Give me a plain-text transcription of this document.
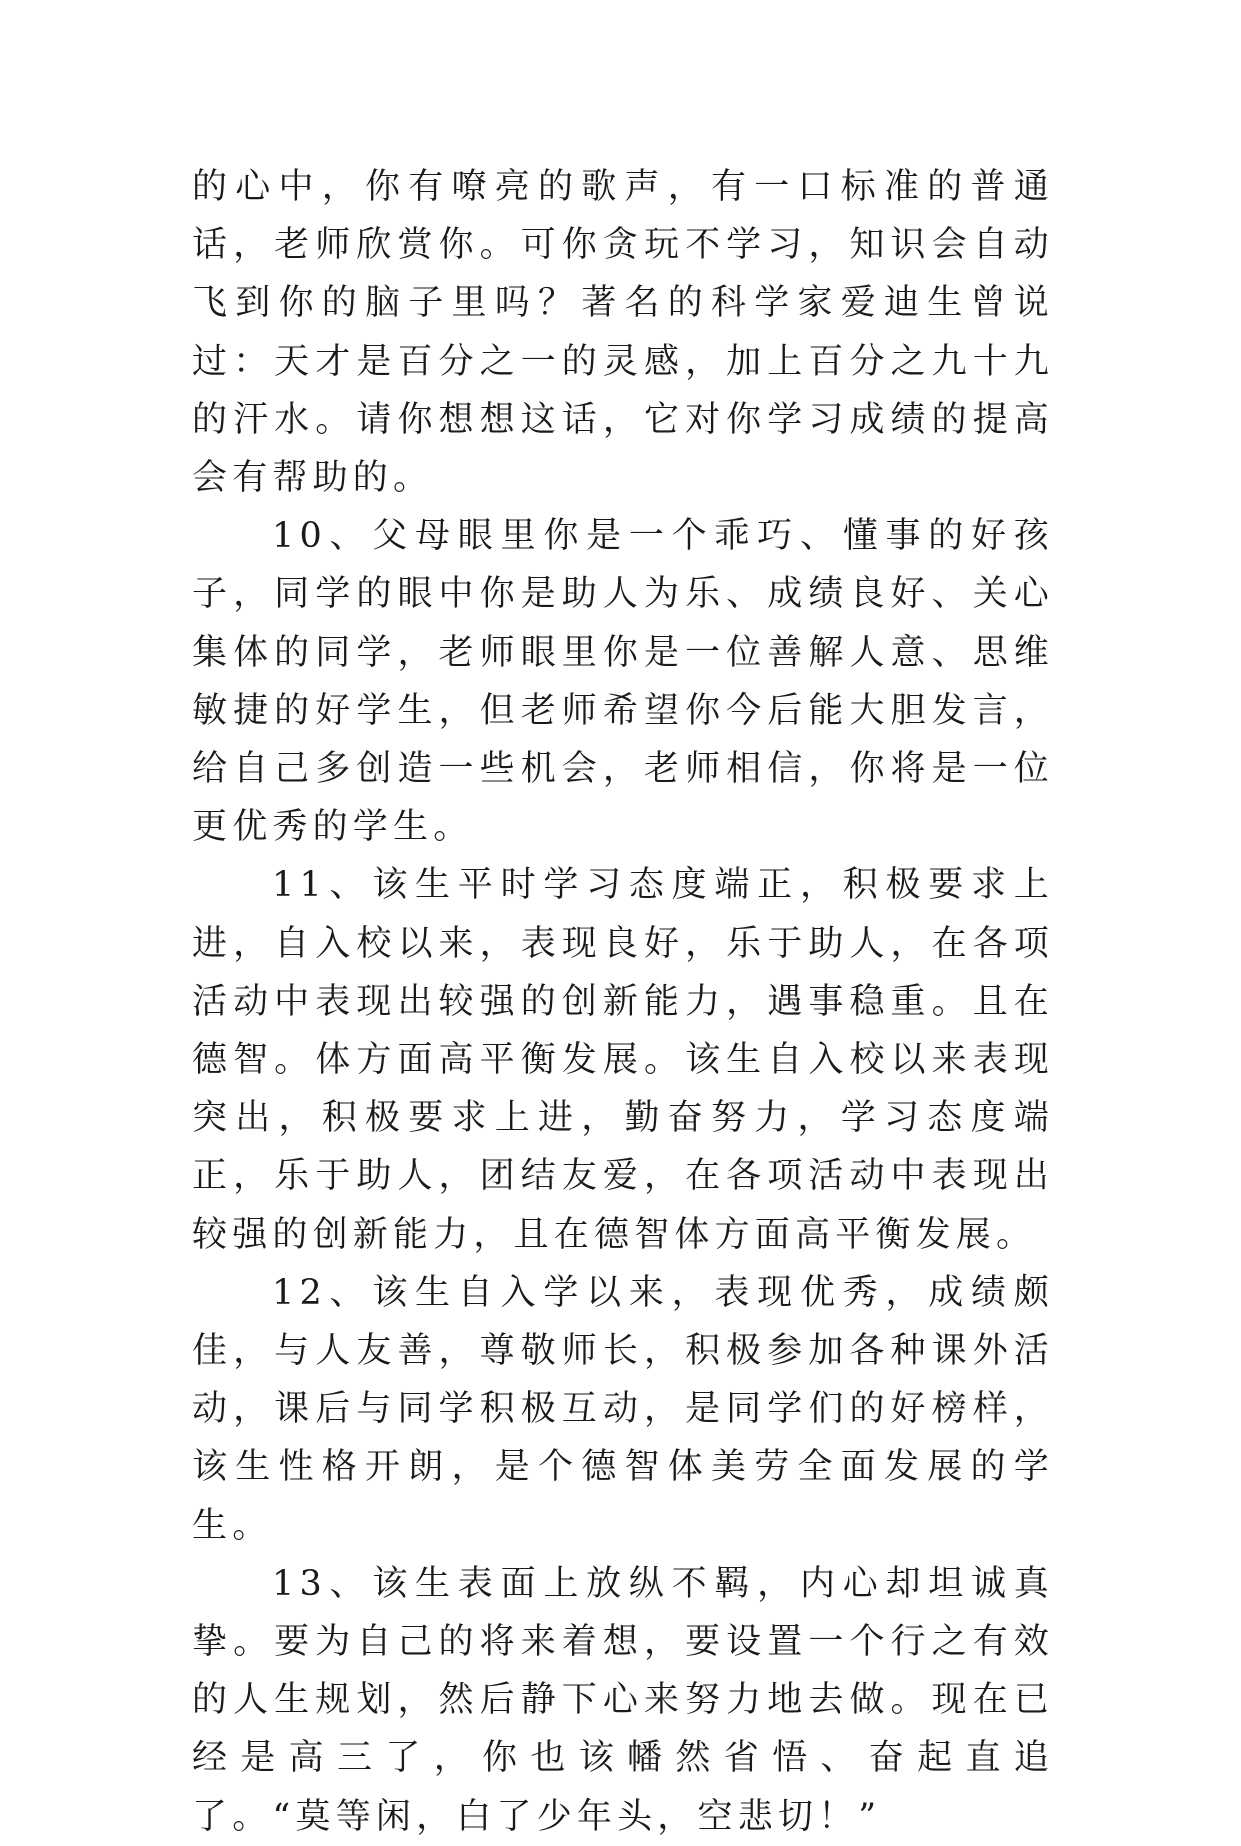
的心中，你有嘹亮的歌声，有一口标准的普通话，老师欣赏你。可你贪玩不学习，知识会自动飞到你的脑子里吗？著名的科学家爱迪生曾说过：天才是百分之一的灵感，加上百分之九十九的汗水。请你想想这话，它对你学习成绩的提高会有帮助的。

10、父母眼里你是一个乖巧、懂事的好孩子，同学的眼中你是助人为乐、成绩良好、关心集体的同学，老师眼里你是一位善解人意、思维敏捷的好学生，但老师希望你今后能大胆发言，给自己多创造一些机会，老师相信，你将是一位更优秀的学生。

11、该生平时学习态度端正，积极要求上进，自入校以来，表现良好，乐于助人，在各项活动中表现出较强的创新能力，遇事稳重。且在德智。体方面高平衡发展。该生自入校以来表现突出，积极要求上进，勤奋努力，学习态度端正，乐于助人，团结友爱，在各项活动中表现出较强的创新能力，且在德智体方面高平衡发展。

12、该生自入学以来，表现优秀，成绩颇佳，与人友善，尊敬师长，积极参加各种课外活动，课后与同学积极互动，是同学们的好榜样，该生性格开朗，是个德智体美劳全面发展的学生。

13、该生表面上放纵不羁，内心却坦诚真挚。要为自己的将来着想，要设置一个行之有效的人生规划，然后静下心来努力地去做。现在已经是高三了，你也该幡然省悟、奋起直追了。“莫等闲，白了少年头，空悲切！”
